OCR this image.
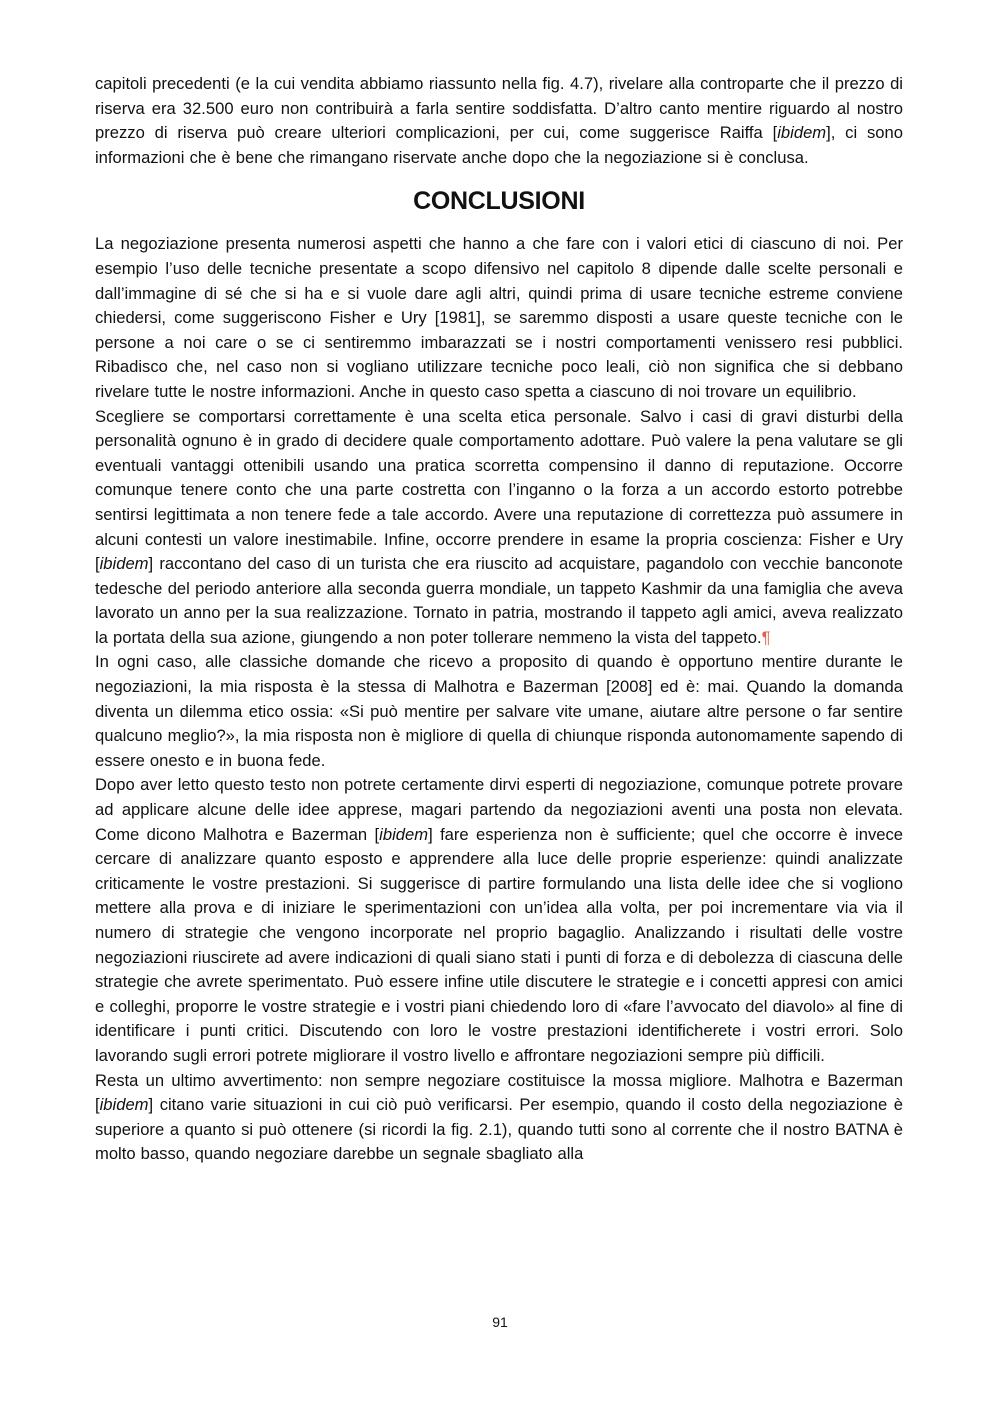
capitoli precedenti (e la cui vendita abbiamo riassunto nella fig. 4.7), rivelare alla controparte che il prezzo di riserva era 32.500 euro non contribuirà a farla sentire soddisfatta. D’altro canto mentire riguardo al nostro prezzo di riserva può creare ulteriori complicazioni, per cui, come suggerisce Raiffa [ibidem], ci sono informazioni che è bene che rimangano riservate anche dopo che la negoziazione si è conclusa.

CONCLUSIONI

La negoziazione presenta numerosi aspetti che hanno a che fare con i valori etici di ciascuno di noi. Per esempio l’uso delle tecniche presentate a scopo difensivo nel capitolo 8 dipende dalle scelte personali e dall’immagine di sé che si ha e si vuole dare agli altri, quindi prima di usare tecniche estreme conviene chiedersi, come suggeriscono Fisher e Ury [1981], se saremmo disposti a usare queste tecniche con le persone a noi care o se ci sentiremmo imbarazzati se i nostri comportamenti venissero resi pubblici. Ribadisco che, nel caso non si vogliano utilizzare tecniche poco leali, ciò non significa che si debbano rivelare tutte le nostre informazioni. Anche in questo caso spetta a ciascuno di noi trovare un equilibrio.

Scegliere se comportarsi correttamente è una scelta etica personale. Salvo i casi di gravi disturbi della personalità ognuno è in grado di decidere quale comportamento adottare. Può valere la pena valutare se gli eventuali vantaggi ottenibili usando una pratica scorretta compensino il danno di reputazione. Occorre comunque tenere conto che una parte costretta con l’inganno o la forza a un accordo estorto potrebbe sentirsi legittimata a non tenere fede a tale accordo. Avere una reputazione di correttezza può assumere in alcuni contesti un valore inestimabile. Infine, occorre prendere in esame la propria coscienza: Fisher e Ury [ibidem] raccontano del caso di un turista che era riuscito ad acquistare, pagandolo con vecchie banconote tedesche del periodo anteriore alla seconda guerra mondiale, un tappeto Kashmir da una famiglia che aveva lavorato un anno per la sua realizzazione. Tornato in patria, mostrando il tappeto agli amici, aveva realizzato la portata della sua azione, giungendo a non poter tollerare nemmeno la vista del tappeto.¶

In ogni caso, alle classiche domande che ricevo a proposito di quando è opportuno mentire durante le negoziazioni, la mia risposta è la stessa di Malhotra e Bazerman [2008] ed è: mai. Quando la domanda diventa un dilemma etico ossia: «Si può mentire per salvare vite umane, aiutare altre persone o far sentire qualcuno meglio?», la mia risposta non è migliore di quella di chiunque risponda autonomamente sapendo di essere onesto e in buona fede.

Dopo aver letto questo testo non potrete certamente dirvi esperti di negoziazione, comunque potrete provare ad applicare alcune delle idee apprese, magari partendo da negoziazioni aventi una posta non elevata. Come dicono Malhotra e Bazerman [ibidem] fare esperienza non è sufficiente; quel che occorre è invece cercare di analizzare quanto esposto e apprendere alla luce delle proprie esperienze: quindi analizzate criticamente le vostre prestazioni. Si suggerisce di partire formulando una lista delle idee che si vogliono mettere alla prova e di iniziare le sperimentazioni con un’idea alla volta, per poi incrementare via via il numero di strategie che vengono incorporate nel proprio bagaglio. Analizzando i risultati delle vostre negoziazioni riuscirete ad avere indicazioni di quali siano stati i punti di forza e di debolezza di ciascuna delle strategie che avrete sperimentato. Può essere infine utile discutere le strategie e i concetti appresi con amici e colleghi, proporre le vostre strategie e i vostri piani chiedendo loro di «fare l’avvocato del diavolo» al fine di identificare i punti critici. Discutendo con loro le vostre prestazioni identificherete i vostri errori. Solo lavorando sugli errori potrete migliorare il vostro livello e affrontare negoziazioni sempre più difficili.

Resta un ultimo avvertimento: non sempre negoziare costituisce la mossa migliore. Malhotra e Bazerman [ibidem] citano varie situazioni in cui ciò può verificarsi. Per esempio, quando il costo della negoziazione è superiore a quanto si può ottenere (si ricordi la fig. 2.1), quando tutti sono al corrente che il nostro BATNA è molto basso, quando negoziare darebbe un segnale sbagliato alla

91
